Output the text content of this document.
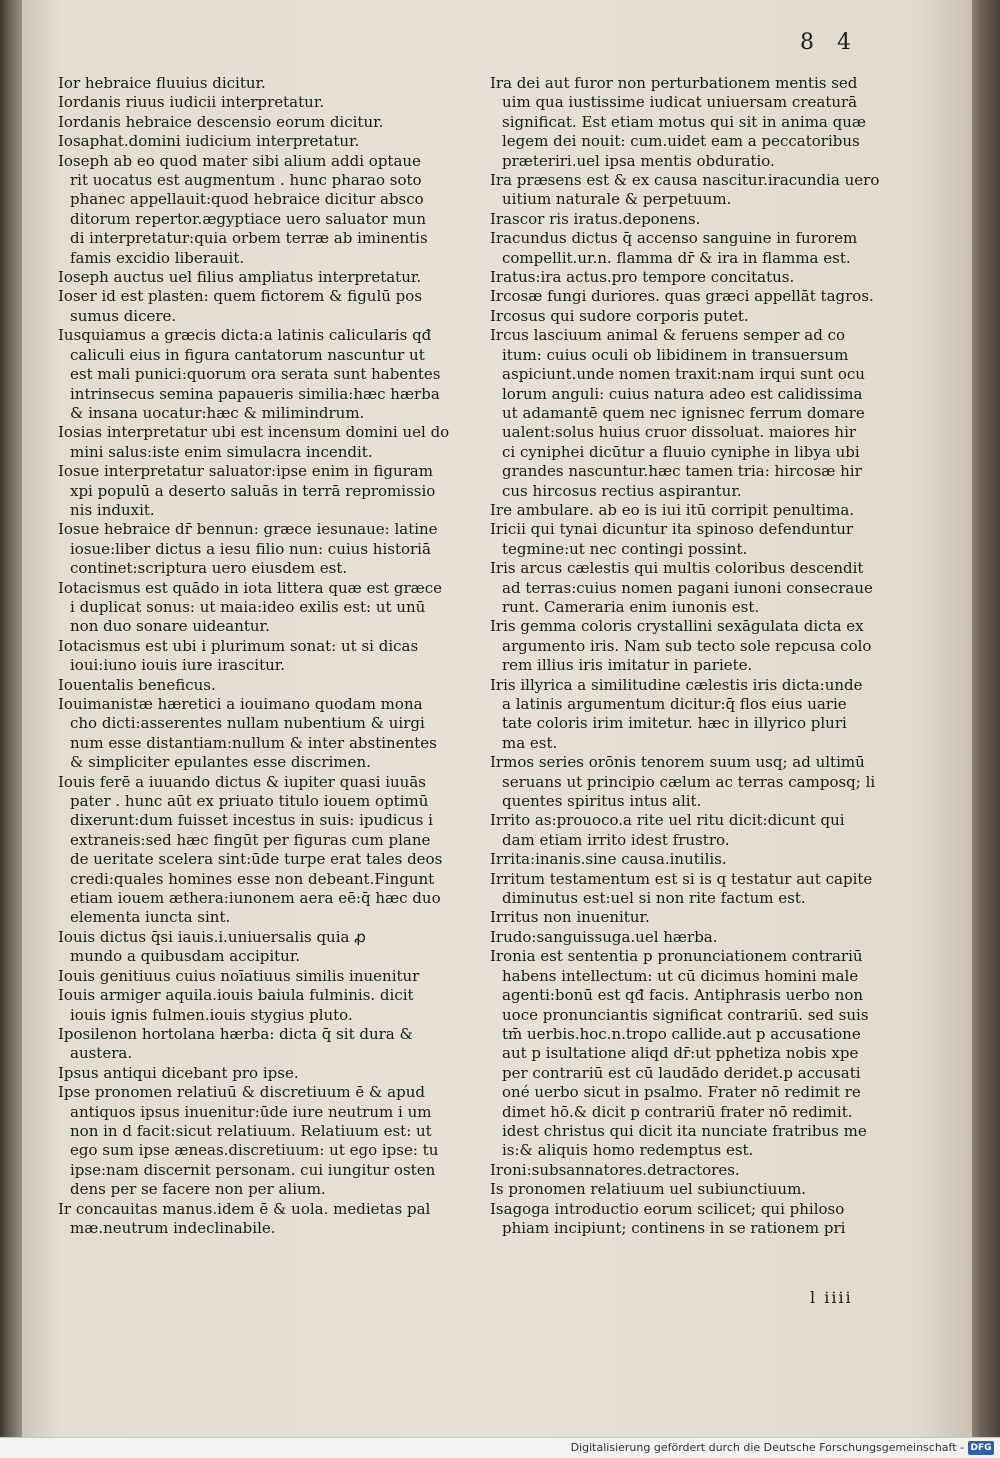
8 4
Ior hebraice fluuius dicitur.
Iordanis riuus iudicii interpretatur.
Iordanis hebraice descensio eorum dicitur.
Iosaphat.domini iudicium interpretatur.
Ioseph ab eo quod mater sibi alium addi optaue
rit uocatus est augmentum . hunc pharao soto
phanec appellauit:quod hebraice dicitur absco
ditorum repertor.ægyptiace uero saluator mun
di interpretatur:quia orbem terræ ab iminentis
famis excidio liberauit.
Ioseph auctus uel filius ampliatus interpretatur.
Ioser id est plasten: quem fictorem & figulū pos
sumus dicere.
Iusquiamus a græcis dicta:a latinis calicularis qđ
caliculi eius in figura cantatorum nascuntur ut
est mali punici:quorum ora serata sunt habentes
intrinsecus semina papaueris similia:hæc hærba
& insana uocatur:hæc & milimindrum.
Iosias interpretatur ubi est incensum domini uel do
mini salus:iste enim simulacra incendit.
Iosue interpretatur saluator:ipse enim in figuram
xpi populū a deserto saluās in terrā repromissio
nis induxit.
Iosue hebraice dr̄ bennun: græce iesunaue: latine
iosue:liber dictus a iesu filio nun: cuius historiā
continet:scriptura uero eiusdem est.
Iotacismus est quādo in iota littera quæ est græce
i duplicat sonus: ut maia:ideo exilis est: ut unū
non duo sonare uideantur.
Iotacismus est ubi i plurimum sonat: ut si dicas
ioui:iuno iouis iure irascitur.
Iouentalis beneficus.
Iouimanistæ hæretici a iouimano quodam mona
cho dicti:asserentes nullam nubentium & uirgi
num esse distantiam:nullum & inter abstinentes
& simpliciter epulantes esse discrimen.
Iouis ferē a iuuando dictus & iupiter quasi iuuās
pater . hunc aūt ex priuato titulo iouem optimū
dixerunt:dum fuisset incestus in suis: ipudicus i
extraneis:sed hæc fingūt per figuras cum plane
de ueritate scelera sint:ūde turpe erat tales deos
credi:quales homines esse non debeant.Fingunt
etiam iouem æthera:iunonem aera eē:q̄ hæc duo
elementa iuncta sint.
Iouis dictus q̄si iauis.i.uniuersalis quia ꝓ
mundo a quibusdam accipitur.
Iouis genitiuus cuius noīatiuus similis inuenitur
Iouis armiger aquila.iouis baiula fulminis. dicit
iouis ignis fulmen.iouis stygius pluto.
Iposilenon hortolana hærba: dicta q̄ sit dura &
austera.
Ipsus antiqui dicebant pro ipse.
Ipse pronomen relatiuū & discretiuum ē & apud
antiquos ipsus inuenitur:ūde iure neutrum i um
non in d facit:sicut relatiuum. Relatiuum est: ut
ego sum ipse æneas.discretiuum: ut ego ipse: tu
ipse:nam discernit personam. cui iungitur osten
dens per se facere non per alium.
Ir concauitas manus.idem ē & uola. medietas pal
mæ.neutrum indeclinabile.
Ira dei aut furor non perturbationem mentis sed
uim qua iustissime iudicat uniuersam creaturā
significat. Est etiam motus qui sit in anima quæ
legem dei nouit: cum.uidet eam a peccatoribus
præteriri.uel ipsa mentis obduratio.
Ira præsens est & ex causa nascitur.iracundia uero
uitium naturale & perpetuum.
Irascor ris iratus.deponens.
Iracundus dictus q̄ accenso sanguine in furorem
compellit.ur.n. flamma dr̄ & ira in flamma est.
Iratus:ira actus.pro tempore concitatus.
Ircosæ fungi duriores. quas græci appellāt tagros.
Ircosus qui sudore corporis putet.
Ircus lasciuum animal & feruens semper ad co
itum: cuius oculi ob libidinem in transuersum
aspiciunt.unde nomen traxit:nam irqui sunt ocu
lorum anguli: cuius natura adeo est calidissima
ut adamantē quem nec ignisnec ferrum domare
ualent:solus huius cruor dissoluat. maiores hir
ci cyniphei dicūtur a fluuio cyniphe in libya ubi
grandes nascuntur.hæc tamen tria: hircosæ hir
cus hircosus rectius aspirantur.
Ire ambulare. ab eo is iui itū corripit penultima.
Iricii qui tynai dicuntur ita spinoso defenduntur
tegmine:ut nec contingi possint.
Iris arcus cælestis qui multis coloribus descendit
ad terras:cuius nomen pagani iunoni consecraue
runt. Cameraria enim iunonis est.
Iris gemma coloris crystallini sexāgulata dicta ex
argumento iris. Nam sub tecto sole repcusa colo
rem illius iris imitatur in pariete.
Iris illyrica a similitudine cælestis iris dicta:unde
a latinis argumentum dicitur:q̄ flos eius uarie
tate coloris irim imitetur. hæc in illyrico pluri
ma est.
Irmos series orōnis tenorem suum usq; ad ultimū
seruans ut principio cælum ac terras camposq; li
quentes spiritus intus alit.
Irrito as:prouoco.a rite uel ritu dicit:dicunt qui
dam etiam irrito idest frustro.
Irrita:inanis.sine causa.inutilis.
Irritum testamentum est si is q testatur aut capite
diminutus est:uel si non rite factum est.
Irritus non inuenitur.
Irudo:sanguissuga.uel hærba.
Ironia est sententia p pronunciationem contrariū
habens intellectum: ut cū dicimus homini male
agenti:bonū est qđ facis. Antiphrasis uerbo non
uoce pronunciantis significat contrariū. sed suis
tm̄ uerbis.hoc.n.tropo callide.aut p accusatione
aut p isultatione aliqd dr̄:ut pphetiza nobis xpe
per contrariū est cū laudādo deridet.p accusati
oné uerbo sicut in psalmo. Frater nō redimit re
dimet hō.& dicit p contrariū frater nō redimit.
idest christus qui dicit ita nunciate fratribus me
is:& aliquis homo redemptus est.
Ironi:subsannatores.detractores.
Is pronomen relatiuum uel subiunctiuum.
Isagoga introductio eorum scilicet; qui philoso
phiam incipiunt; continens in se rationem pri
l iiii
Digitalisierung gefördert durch die Deutsche Forschungsgemeinschaft - DFG
